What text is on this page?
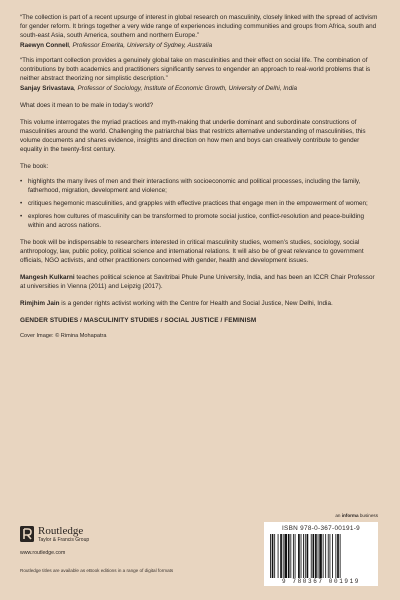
“The collection is part of a recent upsurge of interest in global research on masculinity, closely linked with the spread of activism for gender reform. It brings together a very wide range of experiences including communities and groups from Africa, south and south-east Asia, south America, southern and northern Europe.”

Raewyn Connell, Professor Emerita, University of Sydney, Australia

“This important collection provides a genuinely global take on masculinities and their effect on social life. The combination of contributions by both academics and practitioners significantly serves to engender an approach to real-world problems that is neither abstract theorizing nor simplistic description.”

Sanjay Srivastava, Professor of Sociology, Institute of Economic Growth, University of Delhi, India

What does it mean to be male in today’s world?

This volume interrogates the myriad practices and myth-making that underlie dominant and subordinate constructions of masculinities around the world. Challenging the patriarchal bias that restricts alternative understanding of masculinities, this volume documents and shares evidence, insights and direction on how men and boys can creatively contribute to gender equality in the twenty-first century.

The book:

• highlights the many lives of men and their interactions with socioeconomic and political processes, including the family, fatherhood, migration, development and violence;
• critiques hegemonic masculinities, and grapples with effective practices that engage men in the empowerment of women;
• explores how cultures of masculinity can be transformed to promote social justice, conflict-resolution and peace-building within and across nations.

The book will be indispensable to researchers interested in critical masculinity studies, women’s studies, sociology, social anthropology, law, public policy, political science and international relations. It will also be of great relevance to government officials, NGO activists, and other practitioners concerned with gender, health and development issues.

Mangesh Kulkarni teaches political science at Savitribai Phule Pune University, India, and has been an ICCR Chair Professor at universities in Vienna (2011) and Leipzig (2017).

Rimjhim Jain is a gender rights activist working with the Centre for Health and Social Justice, New Delhi, India.

GENDER STUDIES / MASCULINITY STUDIES / SOCIAL JUSTICE / FEMINISM

Cover Image: © Rimina Mohapatra

Routledge
Taylor & Francis Group
www.routledge.com
Routledge titles are available as eBook editions in a range of digital formats
an informa business
ISBN 978-0-367-00191-9
9 780367 001919
